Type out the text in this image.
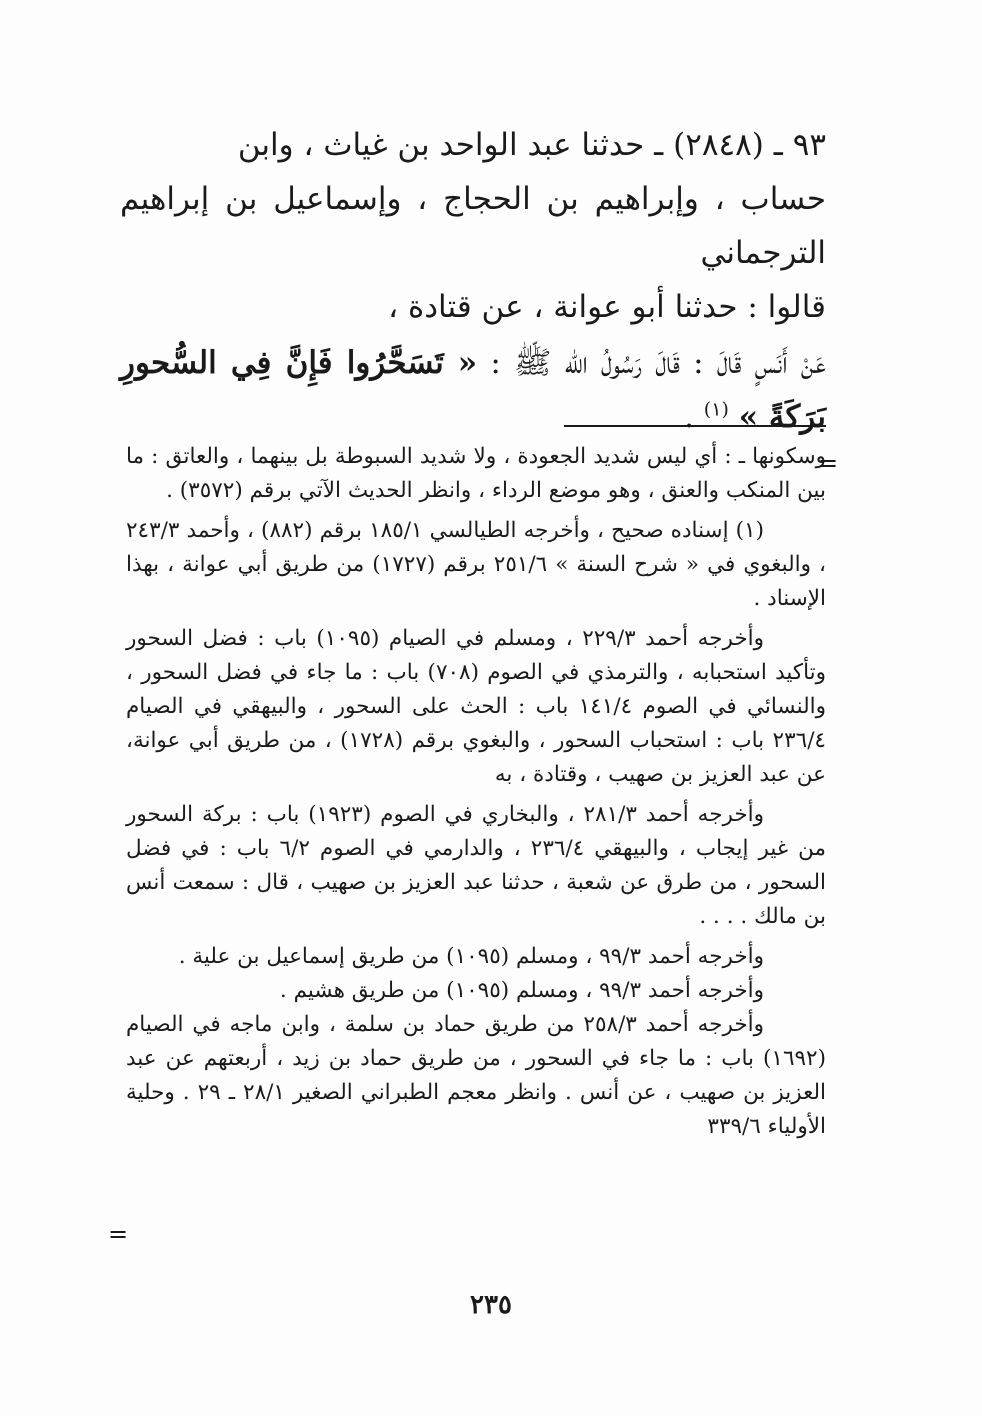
٩٣ ـ (٢٨٤٨) ـ حدثنا عبد الواحد بن غياث ، وابن

حساب ، وإبراهيم بن الحجاج ، وإسماعيل بن إبراهيم الترجماني

قالوا : حدثنا أبو عوانة ، عن قتادة ،

عَنْ أَنَسٍ قَالَ : قَالَ رَسُولُ الله ﷺ : « تَسَحَّرُوا فَإِنَّ فِي السُّحورِ بَرَكَةً » $^{(١)}$ .

=

وسكونها ـ : أي ليس شديد الجعودة ، ولا شديد السبوطة بل بينهما ، والعاتق : ما بين المنكب والعنق ، وهو موضع الرداء ، وانظر الحديث الآتي برقم (٣٥٧٢) .

(١) إسناده صحيح ، وأخرجه الطيالسي ١٨٥/١ برقم (٨٨٢) ، وأحمد ٢٤٣/٣ ، والبغوي في « شرح السنة » ٢٥١/٦ برقم (١٧٢٧) من طريق أبي عوانة ، بهذا الإسناد .

وأخرجه أحمد ٢٢٩/٣ ، ومسلم في الصيام (١٠٩٥) باب : فضل السحور وتأكيد استحبابه ، والترمذي في الصوم (٧٠٨) باب : ما جاء في فضل السحور ، والنسائي في الصوم ١٤١/٤ باب : الحث على السحور ، والبيهقي في الصيام ٢٣٦/٤ باب : استحباب السحور ، والبغوي برقم (١٧٢٨) ، من طريق أبي عوانة، عن عبد العزيز بن صهيب ، وقتادة ، به

وأخرجه أحمد ٢٨١/٣ ، والبخاري في الصوم (١٩٢٣) باب : بركة السحور من غير إيجاب ، والبيهقي ٢٣٦/٤ ، والدارمي في الصوم ٦/٢ باب : في فضل السحور ، من طرق عن شعبة ، حدثنا عبد العزيز بن صهيب ، قال : سمعت أنس بن مالك . . . .

وأخرجه أحمد ٩٩/٣ ، ومسلم (١٠٩٥) من طريق إسماعيل بن علية .

وأخرجه أحمد ٩٩/٣ ، ومسلم (١٠٩٥) من طريق هشيم .

وأخرجه أحمد ٢٥٨/٣ من طريق حماد بن سلمة ، وابن ماجه في الصيام (١٦٩٢) باب : ما جاء في السحور ، من طريق حماد بن زيد ، أربعتهم عن عبد العزيز بن صهيب ، عن أنس . وانظر معجم الطبراني الصغير ٢٨/١ ـ ٢٩ . وحلية الأولياء ٣٣٩/٦

=
٢٣٥
